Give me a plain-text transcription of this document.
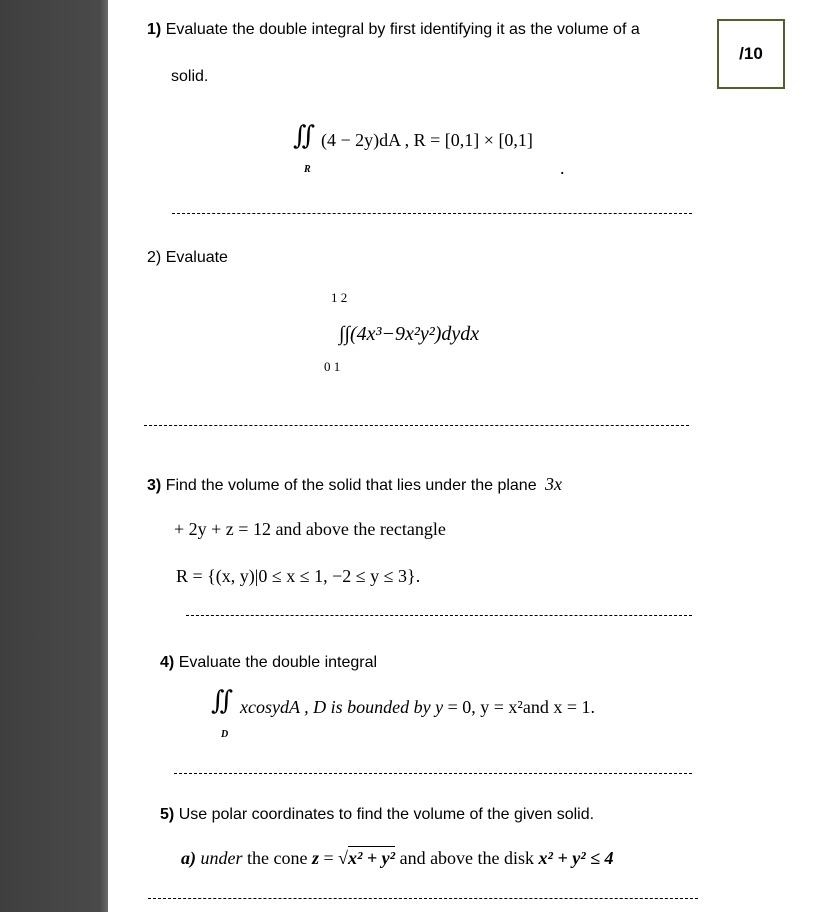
/10
1) Evaluate the double integral by first identifying it as the volume of a
solid.
∬
R
(4 − 2y)dA , R = [0,1] × [0,1]
.
2) Evaluate
1 2
∫∫(4x³−9x²y²)dydx
0 1
3) Find the volume of the solid that lies under the plane 3x
+ 2y + z = 12 and above the rectangle
R = {(x, y)|0 ≤ x ≤ 1, −2 ≤ y ≤ 3}.
4) Evaluate the double integral
∬
D
xcosydA , D is bounded by y = 0, y = x²and x = 1.
5) Use polar coordinates to find the volume of the given solid.
a) under the cone z = √x² + y² and above the disk x² + y² ≤ 4
